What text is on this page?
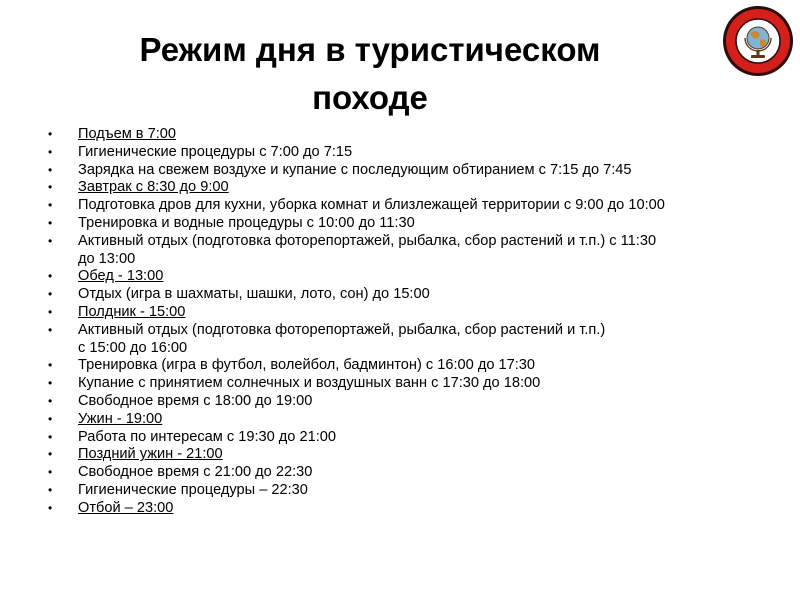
Режим дня в туристическом
походе
• Подъем в 7:00
• Гигиенические процедуры с 7:00 до 7:15
• Зарядка на свежем воздухе и купание с последующим обтиранием с 7:15 до 7:45
• Завтрак с 8:30 до 9:00
• Подготовка дров для кухни, уборка комнат и близлежащей территории с 9:00 до 10:00
• Тренировка и водные процедуры с 10:00 до 11:30
• Активный отдых (подготовка фоторепортажей, рыбалка, сбор растений и т.п.) с 11:30
до 13:00
• Обед - 13:00
• Отдых (игра в шахматы, шашки, лото, сон) до 15:00
• Полдник - 15:00
• Активный отдых (подготовка фоторепортажей, рыбалка, сбор растений и т.п.)
с 15:00 до 16:00
• Тренировка (игра в футбол, волейбол, бадминтон) с 16:00 до 17:30
• Купание с принятием солнечных и воздушных ванн с 17:30 до 18:00
• Свободное время с 18:00 до 19:00
• Ужин - 19:00
• Работа по интересам с 19:30 до 21:00
• Поздний ужин - 21:00
• Свободное время с 21:00 до 22:30
• Гигиенические процедуры – 22:30
• Отбой – 23:00
